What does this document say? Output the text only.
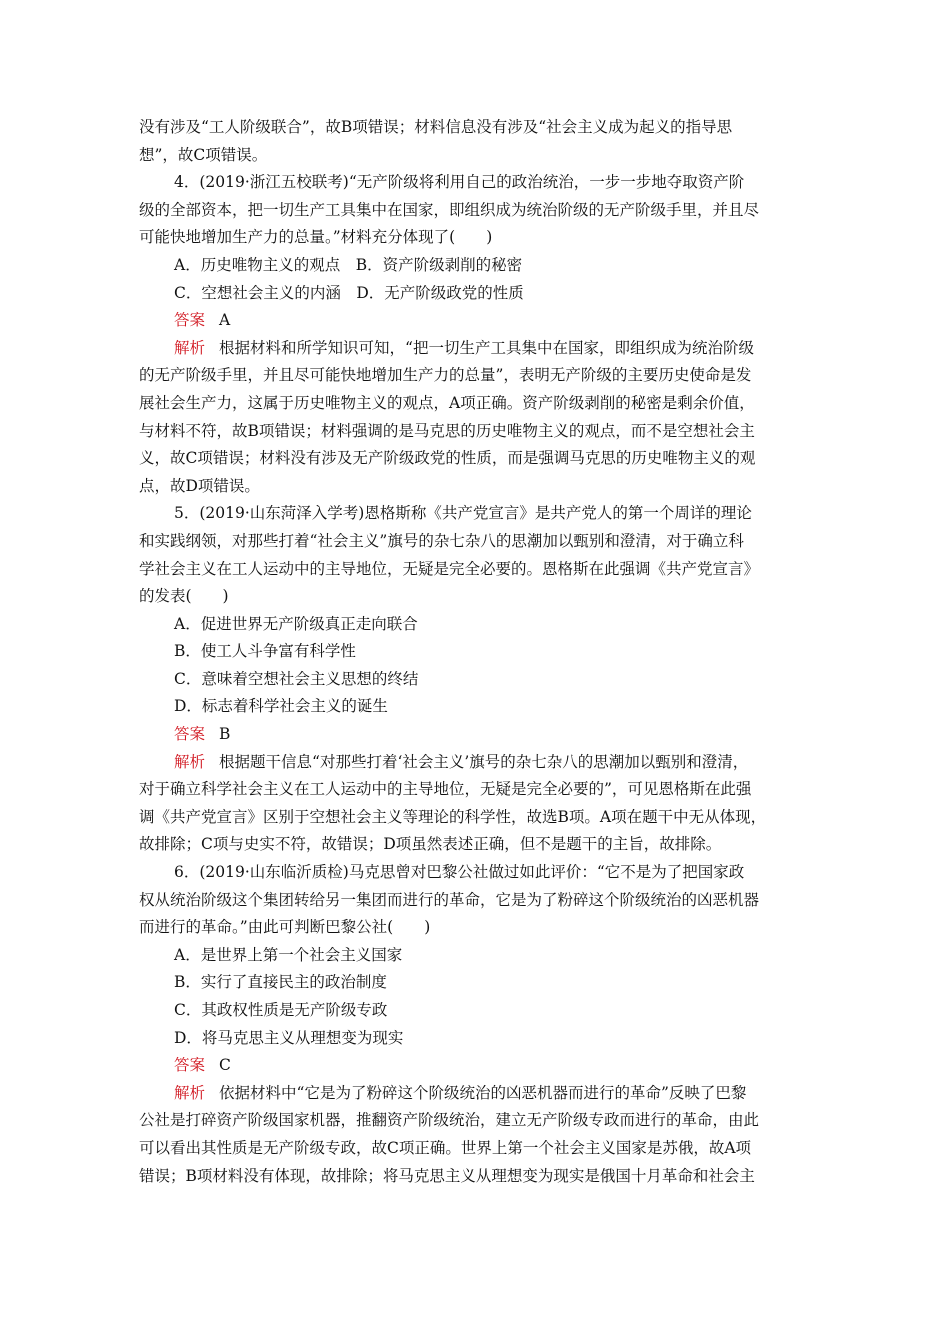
没有涉及“工人阶级联合”，故B项错误；材料信息没有涉及“社会主义成为起义的指导思
想”，故C项错误。
4．(2019·浙江五校联考)“无产阶级将利用自己的政治统治，一步一步地夺取资产阶
级的全部资本，把一切生产工具集中在国家，即组织成为统治阶级的无产阶级手里，并且尽
可能快地增加生产力的总量。”材料充分体现了(　　)
A．历史唯物主义的观点　B．资产阶级剥削的秘密
C．空想社会主义的内涵　D．无产阶级政党的性质
答案 A
解析 根据材料和所学知识可知，“把一切生产工具集中在国家，即组织成为统治阶级
的无产阶级手里，并且尽可能快地增加生产力的总量”，表明无产阶级的主要历史使命是发
展社会生产力，这属于历史唯物主义的观点，A项正确。资产阶级剥削的秘密是剩余价值，
与材料不符，故B项错误；材料强调的是马克思的历史唯物主义的观点，而不是空想社会主
义，故C项错误；材料没有涉及无产阶级政党的性质，而是强调马克思的历史唯物主义的观
点，故D项错误。
5．(2019·山东菏泽入学考)恩格斯称《共产党宣言》是共产党人的第一个周详的理论
和实践纲领，对那些打着“社会主义”旗号的杂七杂八的思潮加以甄别和澄清，对于确立科
学社会主义在工人运动中的主导地位，无疑是完全必要的。恩格斯在此强调《共产党宣言》
的发表(　　)
A．促进世界无产阶级真正走向联合
B．使工人斗争富有科学性
C．意味着空想社会主义思想的终结
D．标志着科学社会主义的诞生
答案 B
解析 根据题干信息“对那些打着‘社会主义’旗号的杂七杂八的思潮加以甄别和澄清，
对于确立科学社会主义在工人运动中的主导地位，无疑是完全必要的”，可见恩格斯在此强
调《共产党宣言》区别于空想社会主义等理论的科学性，故选B项。A项在题干中无从体现，
故排除；C项与史实不符，故错误；D项虽然表述正确，但不是题干的主旨，故排除。
6．(2019·山东临沂质检)马克思曾对巴黎公社做过如此评价：“它不是为了把国家政
权从统治阶级这个集团转给另一集团而进行的革命，它是为了粉碎这个阶级统治的凶恶机器
而进行的革命。”由此可判断巴黎公社(　　)
A．是世界上第一个社会主义国家
B．实行了直接民主的政治制度
C．其政权性质是无产阶级专政
D．将马克思主义从理想变为现实
答案 C
解析 依据材料中“它是为了粉碎这个阶级统治的凶恶机器而进行的革命”反映了巴黎
公社是打碎资产阶级国家机器，推翻资产阶级统治，建立无产阶级专政而进行的革命，由此
可以看出其性质是无产阶级专政，故C项正确。世界上第一个社会主义国家是苏俄，故A项
错误；B项材料没有体现，故排除；将马克思主义从理想变为现实是俄国十月革命和社会主
